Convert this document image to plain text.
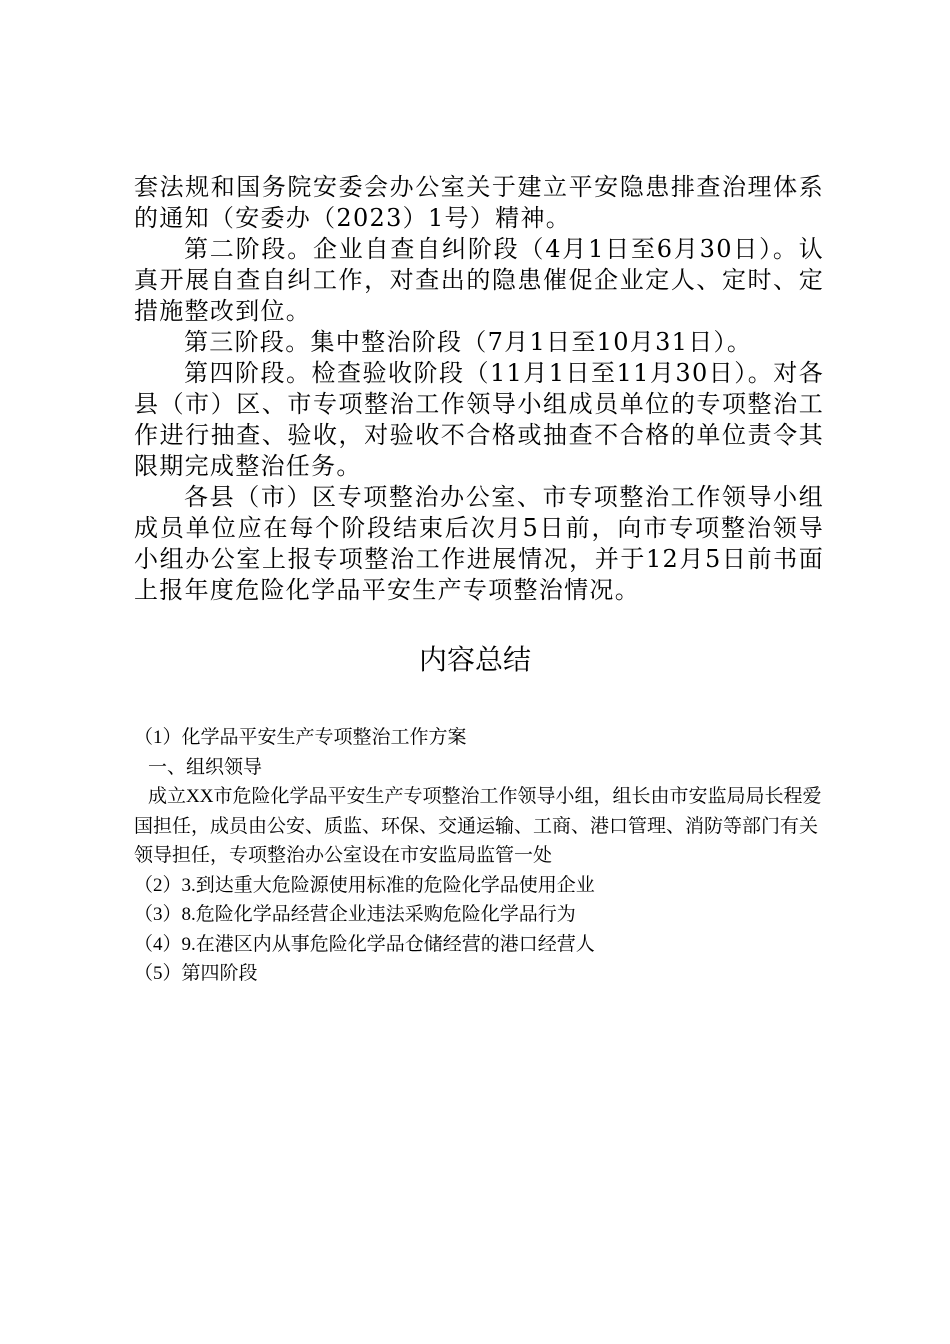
套法规和国务院安委会办公室关于建立平安隐患排查治理体系的通知（安委办（2023）1号）精神。

第二阶段。企业自查自纠阶段（4月1日至6月30日）。认真开展自查自纠工作，对查出的隐患催促企业定人、定时、定措施整改到位。

第三阶段。集中整治阶段（7月1日至10月31日）。

第四阶段。检查验收阶段（11月1日至11月30日）。对各县（市）区、市专项整治工作领导小组成员单位的专项整治工作进行抽查、验收，对验收不合格或抽查不合格的单位责令其限期完成整治任务。

各县（市）区专项整治办公室、市专项整治工作领导小组成员单位应在每个阶段结束后次月5日前，向市专项整治领导小组办公室上报专项整治工作进展情况，并于12月5日前书面上报年度危险化学品平安生产专项整治情况。

内容总结

（1）化学品平安生产专项整治工作方案

一、组织领导

成立XX市危险化学品平安生产专项整治工作领导小组，组长由市安监局局长程爱国担任，成员由公安、质监、环保、交通运输、工商、港口管理、消防等部门有关领导担任，专项整治办公室设在市安监局监管一处

（2）3.到达重大危险源使用标准的危险化学品使用企业

（3）8.危险化学品经营企业违法采购危险化学品行为

（4）9.在港区内从事危险化学品仓储经营的港口经营人

（5）第四阶段
